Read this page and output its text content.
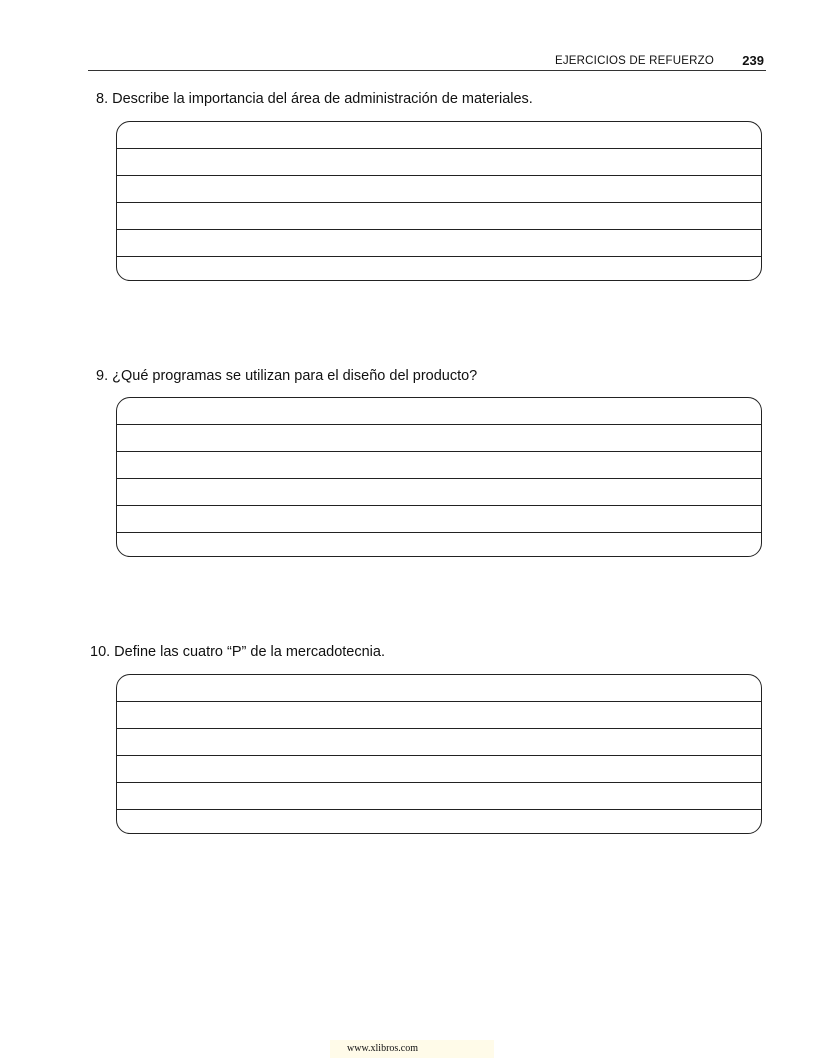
EJERCICIOS DE REFUERZO 239
8. Describe la importancia del área de administración de materiales.
9. ¿Qué programas se utilizan para el diseño del producto?
10. Define las cuatro “P” de la mercadotecnia.
www.xlibros.com
